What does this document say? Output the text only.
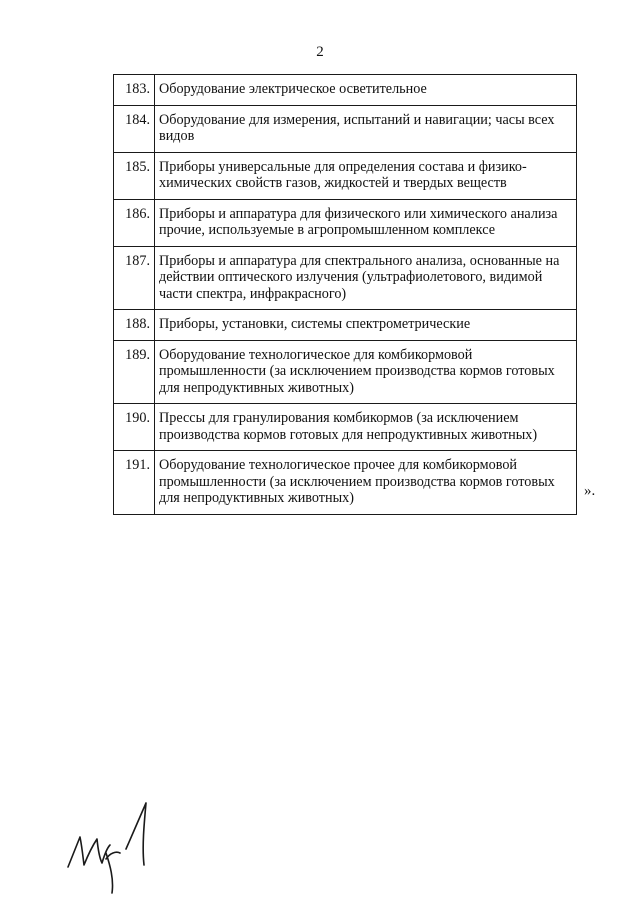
2
183.	Оборудование электрическое осветительное
184.	Оборудование для измерения, испытаний и навигации; часы всех видов
185.	Приборы универсальные для определения состава и физико-химических свойств газов, жидкостей и твердых веществ
186.	Приборы и аппаратура для физического или химического анализа прочие, используемые в агропромышленном комплексе
187.	Приборы и аппаратура для спектрального анализа, основанные на действии оптического излучения (ультрафиолетового, видимой части спектра, инфракрасного)
188.	Приборы, установки, системы спектрометрические
189.	Оборудование технологическое для комбикормовой промышленности (за исключением производства кормов готовых для непродуктивных животных)
190.	Прессы для гранулирования комбикормов (за исключением производства кормов готовых для непродуктивных животных)
191.	Оборудование технологическое прочее для комбикормовой промышленности (за исключением производства кормов готовых для непродуктивных животных)	».
